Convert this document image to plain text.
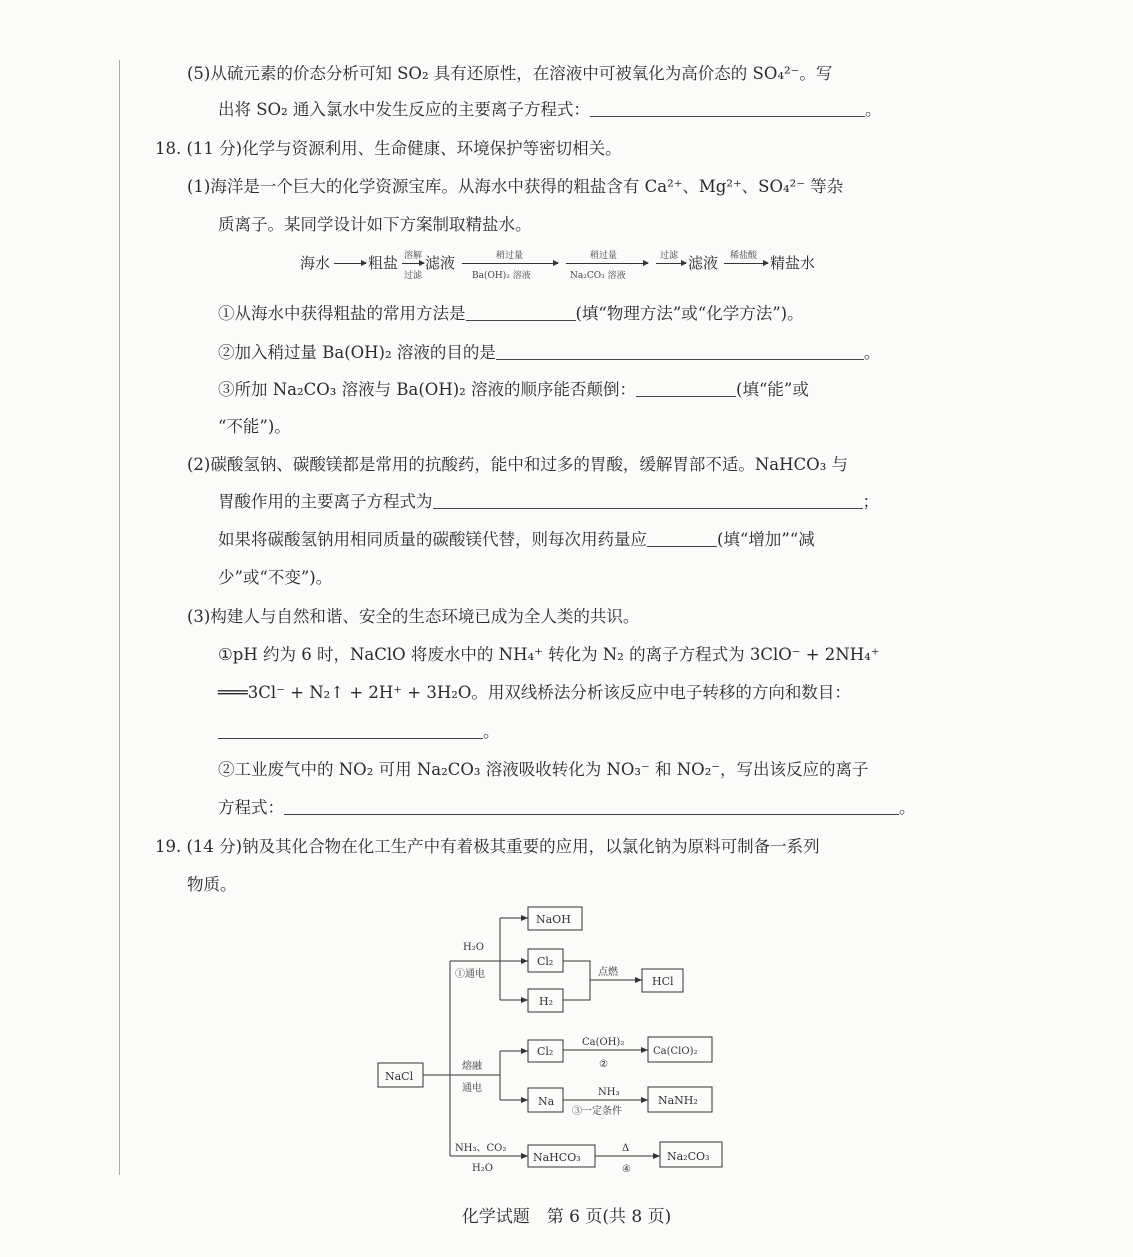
(5)从硫元素的价态分析可知 SO₂ 具有还原性，在溶液中可被氧化为高价态的 SO₄²⁻。写
出将 SO₂ 通入氯水中发生反应的主要离子方程式：	。
18. (11 分)化学与资源利用、生命健康、环境保护等密切相关。
(1)海洋是一个巨大的化学资源宝库。从海水中获得的粗盐含有 Ca²⁺、Mg²⁺、SO₄²⁻ 等杂
质离子。某同学设计如下方案制取精盐水。
海水	粗盐 溶解
过滤
滤液	稍过量
Ba(OH)₂ 溶液
稍过量
Na₂CO₃ 溶液
过滤 滤液 稀盐酸 精盐水
①从海水中获得粗盐的常用方法是	(填“物理方法”或“化学方法”)。
②加入稍过量 Ba(OH)₂ 溶液的目的是	。
③所加 Na₂CO₃ 溶液与 Ba(OH)₂ 溶液的顺序能否颠倒：	(填“能”或
“不能”)。
(2)碳酸氢钠、碳酸镁都是常用的抗酸药，能中和过多的胃酸，缓解胃部不适。NaHCO₃ 与
胃酸作用的主要离子方程式为	；
如果将碳酸氢钠用相同质量的碳酸镁代替，则每次用药量应	(填“增加”“减
少”或“不变”)。
(3)构建人与自然和谐、安全的生态环境已成为全人类的共识。
①pH 约为 6 时，NaClO 将废水中的 NH₄⁺ 转化为 N₂ 的离子方程式为 3ClO⁻ + 2NH₄⁺
═══3Cl⁻ + N₂↑ + 2H⁺ + 3H₂O。用双线桥法分析该反应中电子转移的方向和数目：
。
②工业废气中的 NO₂ 可用 Na₂CO₃ 溶液吸收转化为 NO₃⁻ 和 NO₂⁻，写出该反应的离子
方程式：	。
19. (14 分)钠及其化合物在化工生产中有着极其重要的应用，以氯化钠为原料可制备一系列
物质。
NaCl
NaOH
Cl₂
H₂
HCl
Cl₂	Ca(ClO)₂
Na	NaNH₂
NaHCO₃	Na₂CO₃
H₂O
①通电	点燃
熔融
通电
Ca(OH)₂
②
NH₃
③一定条件
NH₃、CO₂
H₂O
Δ
④
化学试题　第 6 页(共 8 页)
